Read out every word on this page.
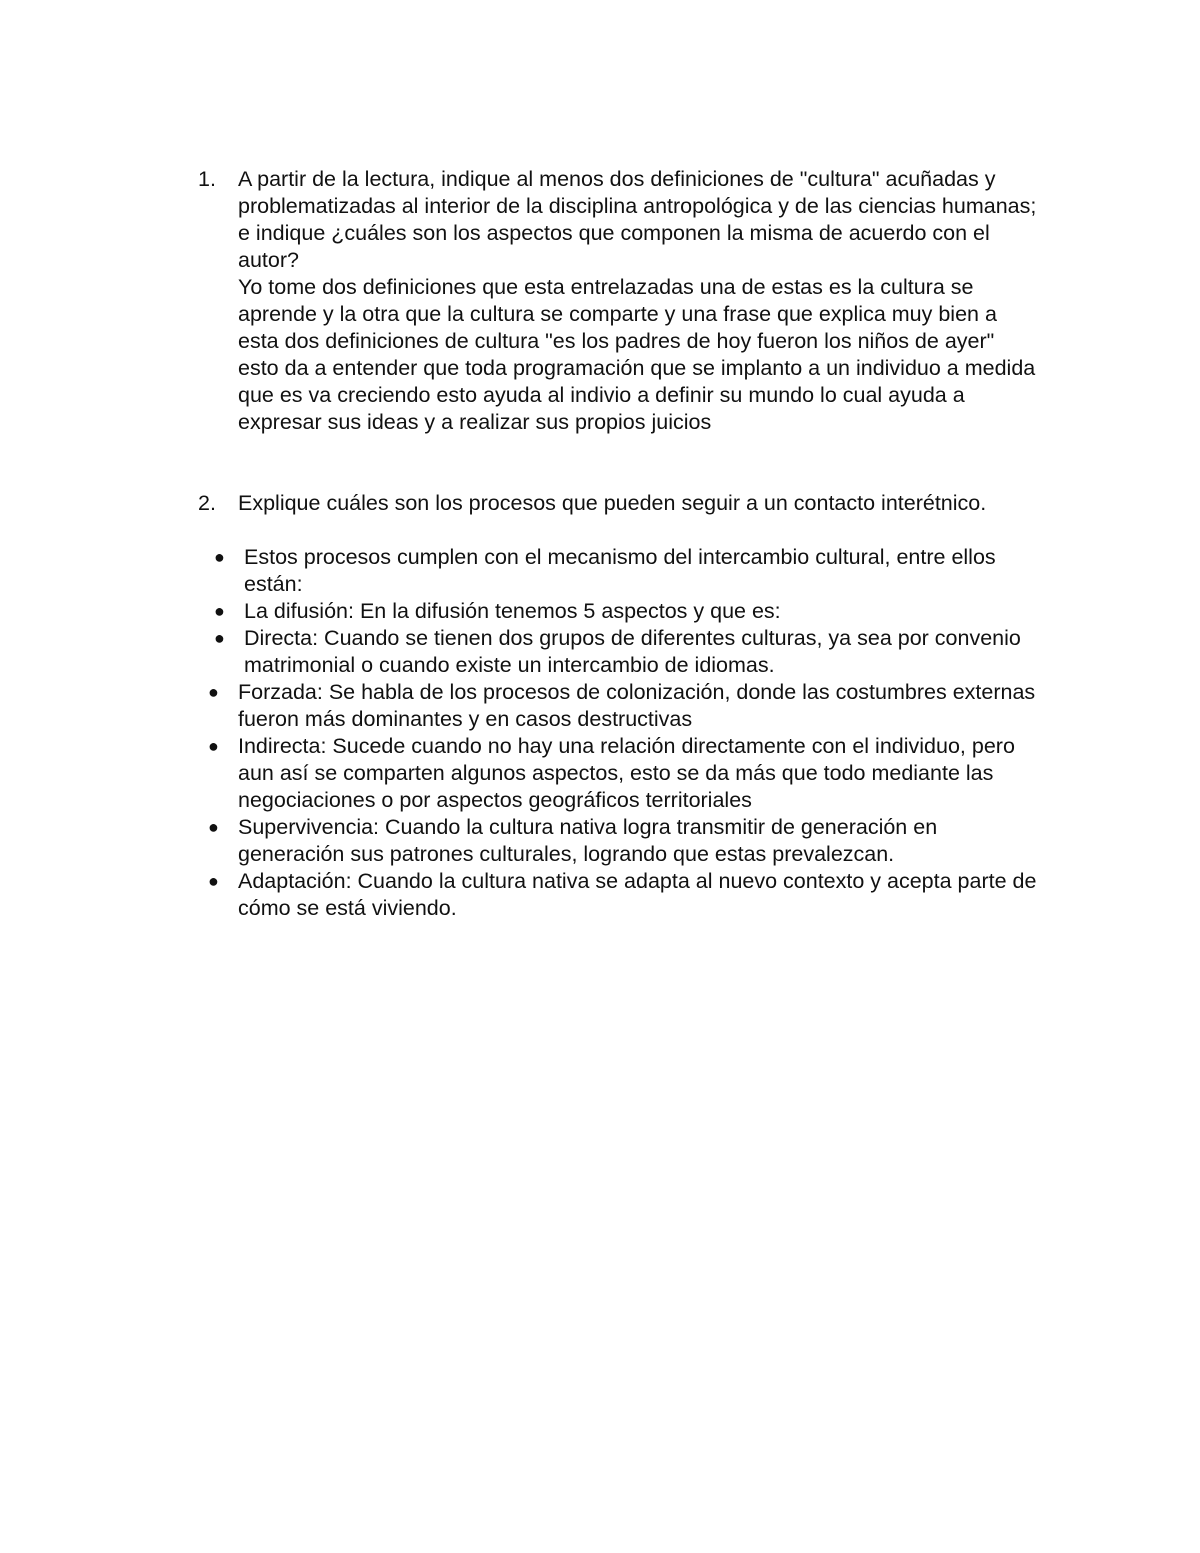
1. A partir de la lectura, indique al menos dos definiciones de "cultura" acuñadas y problematizadas al interior de la disciplina antropológica y de las ciencias humanas; e indique ¿cuáles son los aspectos que componen la misma de acuerdo con el autor?

Yo tome dos definiciones que esta entrelazadas una de estas es la cultura se aprende y la otra que la cultura se comparte y una frase que explica muy bien a esta dos definiciones de cultura "es los padres de hoy fueron los niños de ayer" esto da a entender que toda programación que se implanto a un individuo a medida que es va creciendo esto ayuda al indivio a definir su mundo lo cual ayuda a expresar sus ideas y a realizar sus propios juicios

2. Explique cuáles son los procesos que pueden seguir a un contacto interétnico.

● Estos procesos cumplen con el mecanismo del intercambio cultural, entre ellos están:
● La difusión: En la difusión tenemos 5 aspectos y que es:
● Directa: Cuando se tienen dos grupos de diferentes culturas, ya sea por convenio matrimonial o cuando existe un intercambio de idiomas.
● Forzada: Se habla de los procesos de colonización, donde las costumbres externas fueron más dominantes y en casos destructivas
● Indirecta: Sucede cuando no hay una relación directamente con el individuo, pero aun así se comparten algunos aspectos, esto se da más que todo mediante las negociaciones o por aspectos geográficos territoriales
● Supervivencia: Cuando la cultura nativa logra transmitir de generación en generación sus patrones culturales, logrando que estas prevalezcan.
● Adaptación: Cuando la cultura nativa se adapta al nuevo contexto y acepta parte de cómo se está viviendo.
